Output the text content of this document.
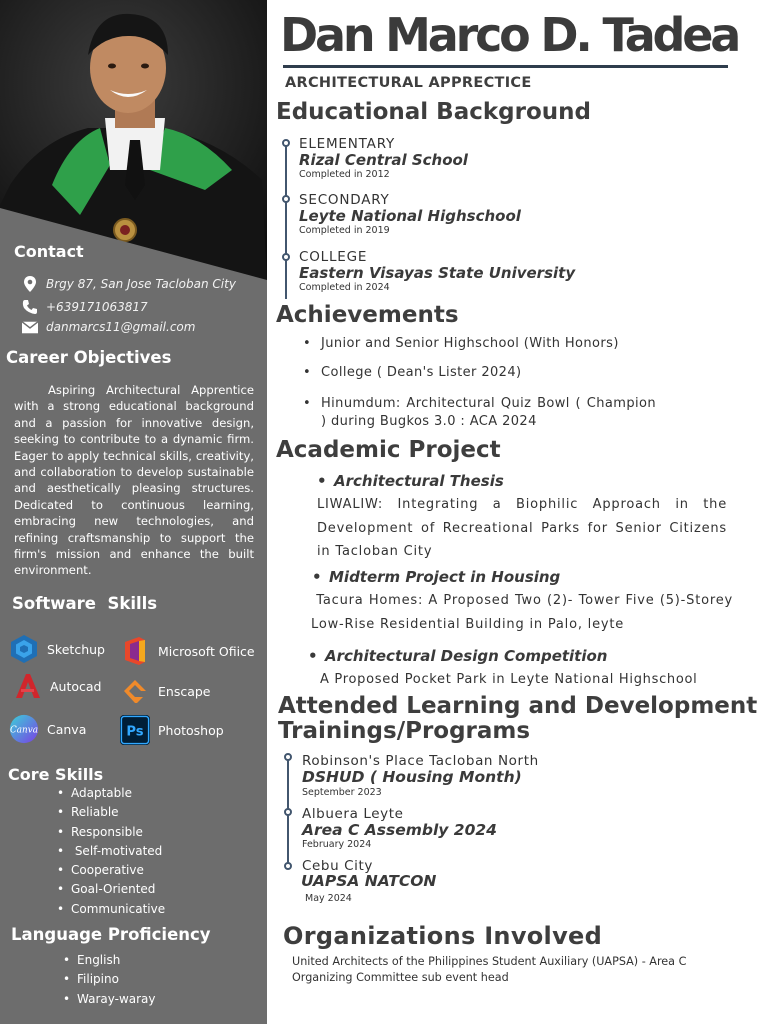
Contact
Brgy 87, San Jose Tacloban City
+639171063817
danmarcs11@gmail.com
Career Objectives

Aspiring Architectural Apprentice with a strong educational background and a passion for innovative design, seeking to contribute to a dynamic firm. Eager to apply technical skills, creativity, and collaboration to develop sustainable and aesthetically pleasing structures. Dedicated to continuous learning, embracing new technologies, and refining craftsmanship to support the firm's mission and enhance the built environment.

Software  Skills
Sketchup	Microsoft Ofiice
Autocad	Enscape
Canva Canva	Ps Photoshop
Core Skills
• Adaptable
• Reliable
• Responsible
•  Self-motivated
• Cooperative
• Goal-Oriented
• Communicative
Language Proficiency
• English
• Filipino
• Waray-waray
Dan Marco D. Tadea
ARCHITECTURAL APPRECTICE
Educational Background
ELEMENTARY
Rizal Central School
Completed in 2012
SECONDARY
Leyte National Highschool
Completed in 2019
COLLEGE
Eastern Visayas State University
Completed in 2024
Achievements
• Junior and Senior Highschool (With Honors)
• College ( Dean's Lister 2024)
• Hinumdum: Architectural Quiz Bowl ( Champion ) during Bugkos 3.0 : ACA 2024
Academic Project
• Architectural Thesis
LIWALIW: Integrating a Biophilic Approach in the Development of Recreational Parks for Senior Citizens in Tacloban City
• Midterm Project in Housing
Tacura Homes: A Proposed Two (2)- Tower Five (5)-Storey Low-Rise Residential Building in Palo, leyte
• Architectural Design Competition
A Proposed Pocket Park in Leyte National Highschool
Attended Learning and Development
Trainings/Programs
Robinson's Place Tacloban North
DSHUD ( Housing Month)
September 2023
Albuera Leyte
Area C Assembly 2024
February 2024
Cebu City
UAPSA NATCON
May 2024
Organizations Involved

United Architects of the Philippines Student Auxiliary (UAPSA) - Area C Organizing Committee sub event head
